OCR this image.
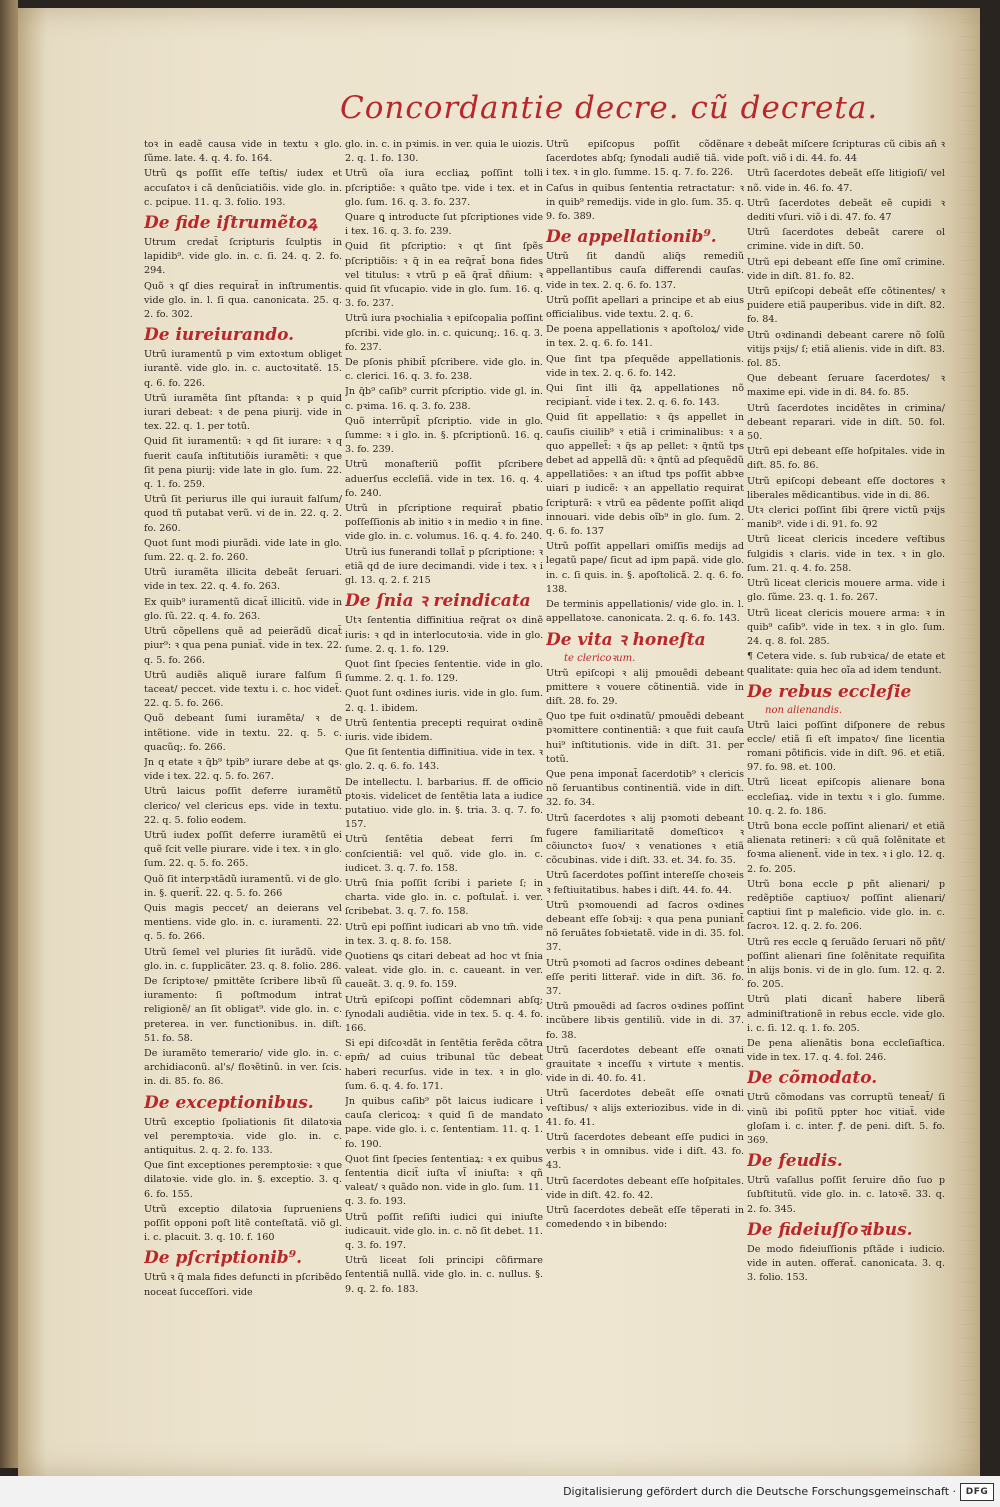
Concordantie decre. cũ decreta.

toꝛ in eadẽ causa vide in textu ꝛ glo. ſũme. late. 4. q. 4. fo. 164.

Utrũ ꝗs poſſit eſſe teſtis/ iudex et accuſatoꝛ i cã denũciatiõis. vide glo. in. c. pcipue. 11. q. 3. folio. 193.

De fide iſtrumẽtoꝝ

Utrum credat̃ ſcripturis ſculptis in lapidib⁹. vide glo. in. c. ſi. 24. q. 2. fo. 294.

Quõ ꝛ ꝗſ dies requirat̃ in inſtrumentis. vide glo. in. l. ſi qua. canonicata. 25. q. 2. fo. 302.

De iureiurando.

Utrũ iuramentũ p vim extoꝛtum obliget iurantẽ. vide glo. in. c. auctoꝛitatẽ. 15. q. 6. fo. 226.

Utrũ iuramẽta ſint pſtanda: ꝛ p quid iurari debeat: ꝛ de pena piurij. vide in tex. 22. q. 1. per totũ.

Quid ſit iuramentũ: ꝛ qd ſit iurare: ꝛ q fuerit cauſa inſtitutiõis iuramẽti: ꝛ que ſit pena piurij: vide late in glo. ſum. 22. q. 1. fo. 259.

Utrũ ſit periurus ille qui iurauit falſum/ quod tñ putabat verũ. vi de in. 22. q. 2. fo. 260.

Quot ſunt modi piurãdi. vide late in glo. ſum. 22. q. 2. fo. 260.

Utrũ iuramẽta illicita debeãt ſeruari. vide in tex. 22. q. 4. fo. 263.

Ex quib⁹ iuramentũ dicat̃ illicitũ. vide in glo. ſũ. 22. q. 4. fo. 263.

Utrũ cõpellens quẽ ad peierãdũ dicat̃ piur⁹: ꝛ qua pena puniat̃. vide in tex. 22. q. 5. fo. 266.

Utrũ audiẽs aliquẽ iurare falſum ſi taceat/ peccet. vide textu i. c. hoc videt̃. 22. q. 5. fo. 266.

Quõ debeant ſumi iuramẽta/ ꝛ de intẽtione. vide in textu. 22. q. 5. c. quacũq;. fo. 266.

Jn q etate ꝛ q̃b⁹ tpib⁹ iurare debe at ꝗs. vide i tex. 22. q. 5. fo. 267.

Utrũ laicus poſſit deferre iuramẽtũ clerico/ vel clericus eps. vide in textu. 22. q. 5. folio eodem.

Utrũ iudex poſſit deferre iuramẽtũ ei quẽ ſcit velle piurare. vide i tex. ꝛ in glo. ſum. 22. q. 5. fo. 265.

Quõ ſit interpꝛtãdũ iuramentũ. vi de glo. in. §. querit̃. 22. q. 5. fo. 266

Quis magis peccet/ an deierans vel mentiens. vide glo. in. c. iuramenti. 22. q. 5. fo. 266.

Utrũ ſemel vel pluries ſit iurãdũ. vide glo. in. c. ſupplicãter. 23. q. 8. folio. 286.

De ſcriptoꝛe/ pmittẽte ſcribere libꝛũ ſũ iuramento: ſi poſtmodum intrat religionẽ/ an ſit obligat⁹. vide glo. in. c. preterea. in ver. functionibus. in. diſt. 51. fo. 58.

De iuramẽto temerario/ vide glo. in. c. archidiaconũ. al's/ floꝛẽtinũ. in ver. ſcis. in. di. 85. fo. 86.

De exceptionibus.

Utrũ exceptio ſpoliationis ſit dilatoꝛia vel peremptoꝛia. vide glo. in. c. antiquitus. 2. q. 2. fo. 133.

Que ſint exceptiones peremptoꝛie: ꝛ que dilatoꝛie. vide glo. in. §. exceptio. 3. q. 6. fo. 155.

Utrũ exceptio dilatoꝛia ſuprueniens poſſit opponi poſt litẽ conteſtatã. viõ gl. i. c. placuit. 3. q. 10. f. 160

De pſcriptionib⁹.

Utrũ ꝛ q̃ mala fides defuncti in pſcribẽdo noceat ſucceſſori. vide

glo. in. c. in pꝛimis. in ver. quia le uiozis. 2. q. 1. fo. 130.

Utrũ oĩa iura eccliaꝝ poſſint tolli pſcriptiõe: ꝛ quãto tpe. vide i tex. et in glo. ſum. 16. q. 3. fo. 237.

Quare ꝗ introducte ſut pſcriptiones vide i tex. 16. q. 3. fo. 239.

Quid ſit pſcriptio: ꝛ qt ſint ſpẽs pſcriptiõis: ꝛ q̃ in ea req̃rat̃ bona fides vel titulus: ꝛ vtrũ p eã q̃rat̃ dñium: ꝛ quid ſit vſucapio. vide in glo. ſum. 16. q. 3. fo. 237.

Utrũ iura pꝛochialia ꝛ epiſcopalia poſſint pſcribi. vide glo. in. c. quicunq;. 16. q. 3. fo. 237.

De pſonis phibit̃ pſcribere. vide glo. in. c. clerici. 16. q. 3. fo. 238.

Jn q̃b⁹ caſib⁹ currit pſcriptio. vide gl. in. c. pꝛima. 16. q. 3. fo. 238.

Quõ interrũpit̃ pſcriptio. vide in glo. ſumme: ꝛ i glo. in. §. pſcriptionũ. 16. q. 3. fo. 239.

Utrũ monaſteriũ poſſit pſcribere aduerſus eccleſiã. vide in tex. 16. q. 4. fo. 240.

Utrũ in pſcriptione requirat̃ pbatio poſſeſſionis ab initio ꝛ in medio ꝛ in fine. vide glo. in. c. volumus. 16. q. 4. fo. 240.

Utrũ ius funerandi tollat̃ p pſcriptione: ꝛ etiã qd de iure decimandi. vide i tex. ꝛ i gl. 13. q. 2. f. 215

De ſnia ꝛ reindicata

Utꝛ ſententia diffinitiua req̃rat oꝛ dinẽ iuris: ꝛ qd in interlocutoꝛia. vide in glo. ſume. 2. q. 1. fo. 129.

Quot ſint ſpecies ſententie. vide in glo. ſumme. 2. q. 1. fo. 129.

Quot ſunt oꝛdines iuris. vide in glo. ſum. 2. q. 1. ibidem.

Utrũ ſententia precepti requirat oꝛdinẽ iuris. vide ibidem.

Que ſit ſententia diffinitiua. vide in tex. ꝛ glo. 2. q. 6. fo. 143.

De intellectu. l. barbarius. ff. de officio ptoꝛis. videlicet de ſentẽtia lata a iudice putatiuo. vide glo. in. §. tria. 3. q. 7. fo. 157.

Utrũ ſentẽtia debeat ferri ſm conſcientiã: vel quõ. vide glo. in. c. iudicet. 3. q. 7. fo. 158.

Utrũ ſnia poſſit ſcribi i pariete ſ; in charta. vide glo. in. c. poſtulat̃. i. ver. ſcribebat. 3. q. 7. fo. 158.

Utrũ epi poſſint iudicari ab vno tm̃. vide in tex. 3. q. 8. fo. 158.

Quotiens ꝗs citari debeat ad hoc vt ſnia valeat. vide glo. in. c. caueant. in ver. caueãt. 3. q. 9. fo. 159.

Utrũ epiſcopi poſſint cõdemnari abſq; ſynodali audiẽtia. vide in tex. 5. q. 4. fo. 166.

Si epi diſcoꝛdãt in ſentẽtia ferẽda cõtra epm̃/ ad cuius tribunal tũc debeat haberi recurſus. vide in tex. ꝛ in glo. ſum. 6. q. 4. fo. 171.

Jn quibus caſib⁹ põt laicus iudicare i cauſa clericoꝝ: ꝛ quid ſi de mandato pape. vide glo. i. c. ſententiam. 11. q. 1. fo. 190.

Quot ſint ſpecies ſententiaꝝ: ꝛ ex quibus ſententia dicit̃ iuſta vl̃ iniuſta: ꝛ qñ valeat/ ꝛ quãdo non. vide in glo. ſum. 11. q. 3. fo. 193.

Utrũ poſſit reſiſti iudici qui iniuſte iudicauit. vide glo. in. c. nõ ſit debet. 11. q. 3. fo. 197.

Utrũ liceat ſoli principi cõfirmare ſententiã nullã. vide glo. in. c. nullus. §. 9. q. 2. fo. 183.

Utrũ epiſcopus poſſit cõdẽnare ſacerdotes abſq; ſynodali audiẽ tiã. vide i tex. ꝛ in glo. ſumme. 15. q. 7. fo. 226.

Caſus in quibus ſententia retractatur: ꝛ in quib⁹ remedijs. vide in glo. ſum. 35. q. 9. fo. 389.

De appellationib⁹.

Utrũ ſit dandũ aliq̃s remediũ appellantibus cauſa differendi cauſas. vide in tex. 2. q. 6. fo. 137.

Utrũ poſſit apellari a principe et ab eius officialibus. vide textu. 2. q. 6.

De poena appellationis ꝛ apoſtoloꝝ/ vide in tex. 2. q. 6. fo. 141.

Que ſint tpa pſequẽde appellationis. vide in tex. 2. q. 6. fo. 142.

Qui ſint illi q̃ꝝ appellationes nõ recipiant̃. vide i tex. 2. q. 6. fo. 143.

Quid ſit appellatio: ꝛ q̃s appellet in cauſis ciuilib⁹ ꝛ etiã i criminalibus: ꝛ a quo appellet̃: ꝛ q̃s ap pellet: ꝛ q̃ntũ tps debet ad appellã dũ: ꝛ q̃ntũ ad pſequẽdũ appellatiões: ꝛ an iſtud tps poſſit abbꝛe uiari p iudicẽ: ꝛ an appellatio requirat ſcripturã: ꝛ vtrũ ea pẽdente poſſit aliqd innouari. vide debis oĩb⁹ in glo. ſum. 2. q. 6. fo. 137

Utrũ poſſit appellari omiſſis medijs ad legatũ pape/ ſicut ad ipm papã. vide glo. in. c. ſi quis. in. §. apoſtolicã. 2. q. 6. fo. 138.

De terminis appellationis/ vide glo. in. l. appellatoꝛe. canonicata. 2. q. 6. fo. 143.

De vita ꝛ honeſta
te clericoꝛum.

Utrũ epiſcopi ꝛ alij pmouẽdi debeant pmittere ꝛ vouere cõtinentiã. vide in diſt. 28. fo. 29.

Quo tpe fuit oꝛdinatũ/ pmouẽdi debeant pꝛomittere continentiã: ꝛ que fuit cauſa hui⁹ inſtitutionis. vide in diſt. 31. per totũ.

Que pena imponat̃ ſacerdotib⁹ ꝛ clericis nõ ſeruantibus continentiã. vide in diſt. 32. fo. 34.

Utrũ ſacerdotes ꝛ alij pꝛomoti debeant fugere familiaritatẽ domeſticoꝛ ꝛ cõiunctoꝛ ſuoꝛ/ ꝛ venationes ꝛ etiã cõcubinas. vide i diſt. 33. et. 34. fo. 35.

Utrũ ſacerdotes poſſint intereſſe choꝛeis ꝛ feſtiuitatibus. habes i diſt. 44. fo. 44.

Utrũ pꝛomouendi ad ſacros oꝛdines debeant eſſe ſobꝛij: ꝛ qua pena puniant̃ nõ ſeruãtes ſobꝛietatẽ. vide in di. 35. fol. 37.

Utrũ pꝛomoti ad ſacros oꝛdines debeant eſſe periti litterar̃. vide in diſt. 36. fo. 37.

Utrũ pmouẽdi ad ſacros oꝛdines poſſint incũbere libꝛis gentiliũ. vide in di. 37. fo. 38.

Utrũ ſacerdotes debeant eſſe oꝛnati grauitate ꝛ inceſſu ꝛ virtute ꝛ mentis. vide in di. 40. fo. 41.

Utrũ ſacerdotes debeãt eſſe oꝛnati veſtibus/ ꝛ alijs exteriozibus. vide in di. 41. fo. 41.

Utrũ ſacerdotes debeant eſſe pudici in verbis ꝛ in omnibus. vide i diſt. 43. fo. 43.

Utrũ ſacerdotes debeant eſſe hoſpitales. vide in diſt. 42. fo. 42.

Utrũ ſacerdotes debeãt eſſe tẽperati in comedendo ꝛ in bibendo:

ꝛ debeãt miſcere ſcripturas cũ cibis an̄ ꝛ poſt. viõ i di. 44. fo. 44

Utrũ ſacerdotes debeãt eſſe litigioſi/ vel nõ. vide in. 46. fo. 47.

Utrũ ſacerdotes debeãt eẽ cupidi ꝛ dediti vſuri. viõ i di. 47. fo. 47

Utrũ ſacerdotes debeãt carere ol crimine. vide in diſt. 50.

Utrũ epi debeant eſſe ſine omĩ crimine. vide in diſt. 81. fo. 82.

Utrũ epiſcopi debeãt eſſe cõtinentes/ ꝛ puidere etiã pauperibus. vide in diſt. 82. fo. 84.

Utrũ oꝛdinandi debeant carere nõ ſolũ vitijs pꝛijs/ ſ; etiã alienis. vide in diſt. 83. fol. 85.

Que debeant ſeruare ſacerdotes/ ꝛ maxime epi. vide in di. 84. fo. 85.

Utrũ ſacerdotes incidẽtes in crimina/ debeant reparari. vide in diſt. 50. fol. 50.

Utrũ epi debeant eſſe hoſpitales. vide in diſt. 85. fo. 86.

Utrũ epiſcopi debeant eſſe doctores ꝛ liberales mẽdicantibus. vide in di. 86.

Utꝛ clerici poſſint ſibi q̃rere victũ pꝛijs manib⁹. vide i di. 91. fo. 92

Utrũ liceat clericis incedere veſtibus fulgidis ꝛ claris. vide in tex. ꝛ in glo. ſum. 21. q. 4. fo. 258.

Utrũ liceat clericis mouere arma. vide i glo. ſũme. 23. q. 1. fo. 267.

Utrũ liceat clericis mouere arma: ꝛ in quib⁹ caſib⁹. vide in tex. ꝛ in glo. ſum. 24. q. 8. fol. 285.

¶ Cetera vide. s. ſub rubꝛica/ de etate et qualitate: quia hec oĩa ad idem tendunt.

De rebus eccleſie
non alienandis.

Utrũ laici poſſint diſponere de rebus eccle/ etiã ſi eſt impatoꝛ/ ſine licentia romani põtificis. vide in diſt. 96. et etiã. 97. fo. 98. et. 100.

Utrũ liceat epiſcopis alienare bona eccleſiaꝝ. vide in textu ꝛ i glo. ſumme. 10. q. 2. fo. 186.

Utrũ bona eccle poſſint alienari/ et etiã alienata retineri: ꝛ cũ quã ſolẽnitate et foꝛma alienent̃. vide in tex. ꝛ i glo. 12. q. 2. fo. 205.

Utrũ bona eccle ꝑ pñt alienari/ p redẽptiõe captiuoꝛ/ poſſint alienari/ captiui ſint p maleficio. vide glo. in. c. ſacroꝛ. 12. q. 2. fo. 206.

Utrũ res eccle ꝗ ſeruãdo ſeruari nõ pñt/ poſſint alienari ſine ſolẽnitate requiſita in alijs bonis. vi de in glo. ſum. 12. q. 2. fo. 205.

Utrũ plati dicant̃ habere liberã adminiſtrationẽ in rebus eccle. vide glo. i. c. ſi. 12. q. 1. fo. 205.

De pena alienãtis bona eccleſiaſtica. vide in tex. 17. q. 4. fol. 246.

De cõmodato.

Utrũ cõmodans vas corruptũ teneat̃/ ſi vinũ ibi poſitũ ppter hoc vitiat̃. vide gloſam i. c. inter. ꝭ. de peni. diſt. 5. fo. 369.

De feudis.

Utrũ vaſallus poſſit ſeruire dño ſuo p ſubſtitutũ. vide glo. in. c. latoꝛẽ. 33. q. 2. fo. 345.

De fideiuſſoꝛibus.

De modo fideiuſſionis pſtãde i iudicio. vide in auten. offerat̃. canonicata. 3. q. 3. folio. 153.

Digitalisierung gefördert durch die Deutsche Forschungsgemeinschaft ·	DFG
